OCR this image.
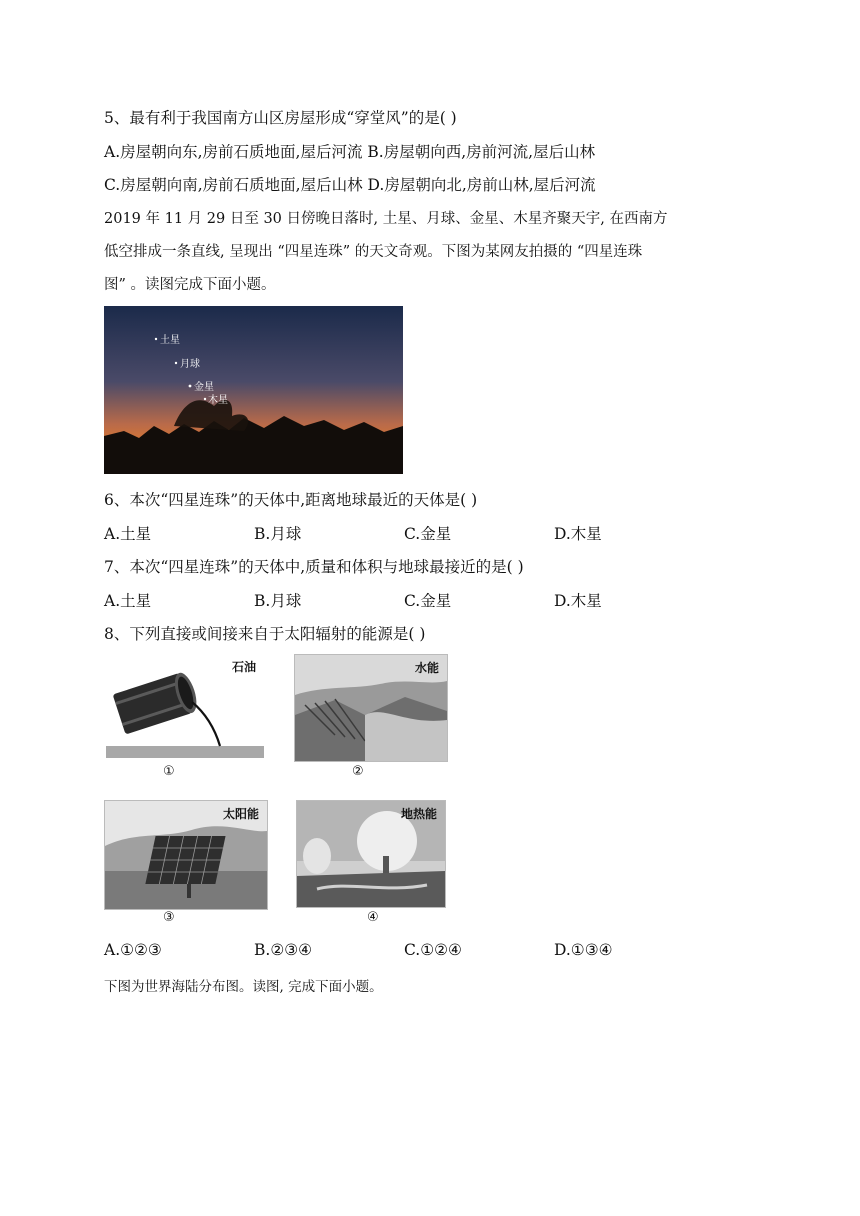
5、最有利于我国南方山区房屋形成“穿堂风”的是( )
A.房屋朝向东,房前石质地面,屋后河流 B.房屋朝向西,房前河流,屋后山林
C.房屋朝向南,房前石质地面,屋后山林 D.房屋朝向北,房前山林,屋后河流
2019 年 11 月 29 日至 30 日傍晚日落时, 土星、月球、金星、木星齐聚天宇, 在西南方
低空排成一条直线, 呈现出 “四星连珠” 的天文奇观。下图为某网友拍摄的 “四星连珠
图” 。读图完成下面小题。
土星
月球
金星
木星
6、本次“四星连珠”的天体中,距离地球最近的天体是( )
A.土星	B.月球	C.金星	D.木星
7、本次“四星连珠”的天体中,质量和体积与地球最接近的是( )
A.土星	B.月球	C.金星	D.木星
8、下列直接或间接来自于太阳辐射的能源是( )
石油
①
水能
②
太阳能
③
地热能
④
A.①②③	B.②③④	C.①②④	D.①③④
下图为世界海陆分布图。读图, 完成下面小题。
